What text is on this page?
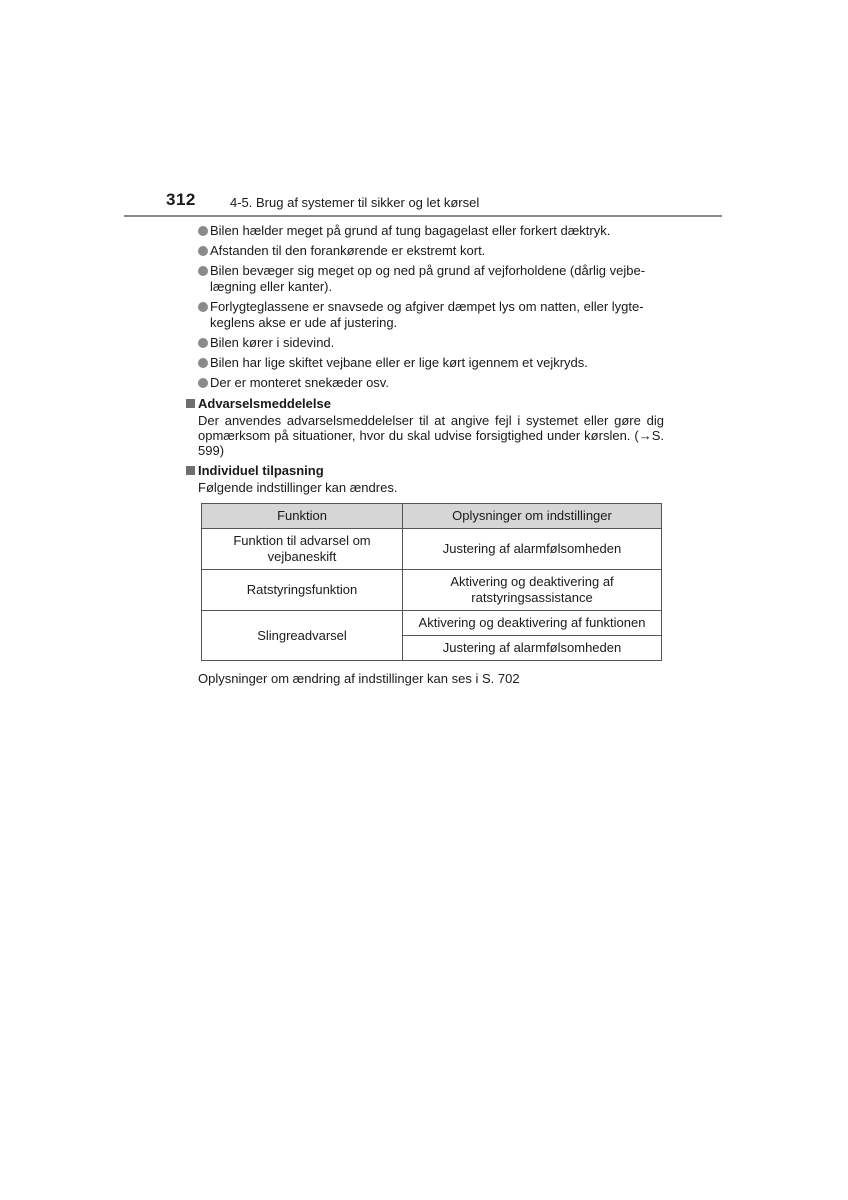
312	4-5. Brug af systemer til sikker og let kørsel
Bilen hælder meget på grund af tung bagagelast eller forkert dæktryk.
Afstanden til den forankørende er ekstremt kort.
Bilen bevæger sig meget op og ned på grund af vejforholdene (dårlig vejbe-lægning eller kanter).
Forlygteglassene er snavsede og afgiver dæmpet lys om natten, eller lygte-keglens akse er ude af justering.
Bilen kører i sidevind.
Bilen har lige skiftet vejbane eller er lige kørt igennem et vejkryds.
Der er monteret snekæder osv.
Advarselsmeddelelse

Der anvendes advarselsmeddelelser til at angive fejl i systemet eller gøre dig opmærksom på situationer, hvor du skal udvise forsigtighed under kørslen. (→S. 599)

Individuel tilpasning

Følgende indstillinger kan ændres.

Funktion	Oplysninger om indstillinger
Funktion til advarsel om vejbaneskift	Justering af alarmfølsomheden
Ratstyringsfunktion	Aktivering og deaktivering af ratstyringsassistance
Slingreadvarsel	Aktivering og deaktivering af funktionen
	Justering af alarmfølsomheden

Oplysninger om ændring af indstillinger kan ses i S. 702
